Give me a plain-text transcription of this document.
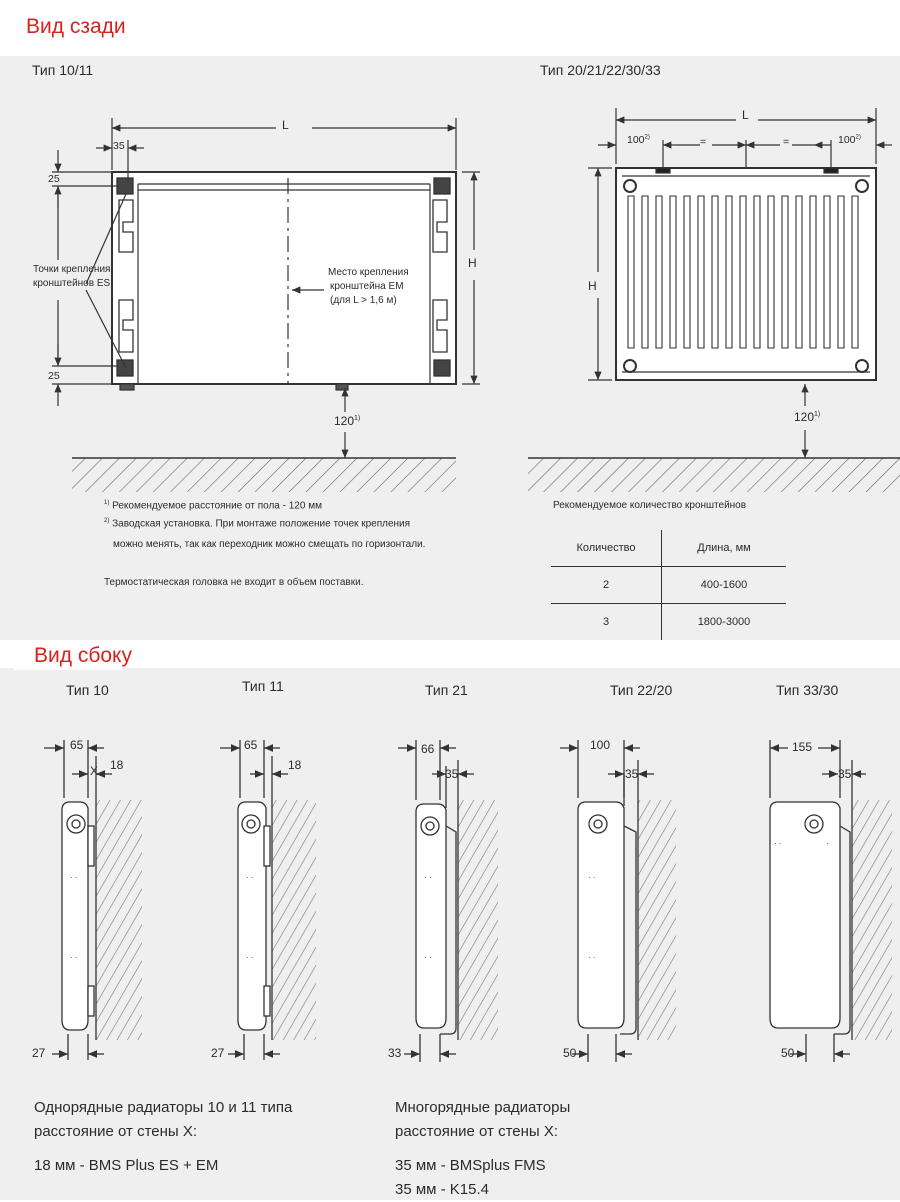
Вид сзади
Вид сбоку
· ·
· ·
· ·
· ·
· ·
· ·
· ·
· ·
· ·	·
Тип 10/11
L
35
25
25
H
Точки крепления
кронштейнов ES
Место крепления
кронштейна EM
(для L > 1,6 м)
120$^{1)}$
Тип 20/21/22/30/33
L
$100^{2)}$	=	=	$100^{2)}$
H
120$^{1)}$
$^{1)}$ Рекомендуемое расстояние от пола - 120 мм
$^{2)}$ Заводская установка. При монтаже положение точек крепления
можно менять, так как переходник можно смещать по горизонтали.
Термостатическая головка не входит в объем поставки.
Рекомендуемое количество кронштейнов
Количество	Длина, мм
2	400-1600
3	1800-3000
Тип 10
65
X 18
27
Тип 11
65
18
27
Тип 21
66
35
33
Тип 22/20
100
35
50
Тип 33/30
155
35
50
Однорядные радиаторы 10 и 11 типа
расстояние от стены X:
18 мм - BMS Plus ES + EM
Многорядные радиаторы
расстояние от стены X:
35 мм - BMSplus FMS
35 мм - K15.4
